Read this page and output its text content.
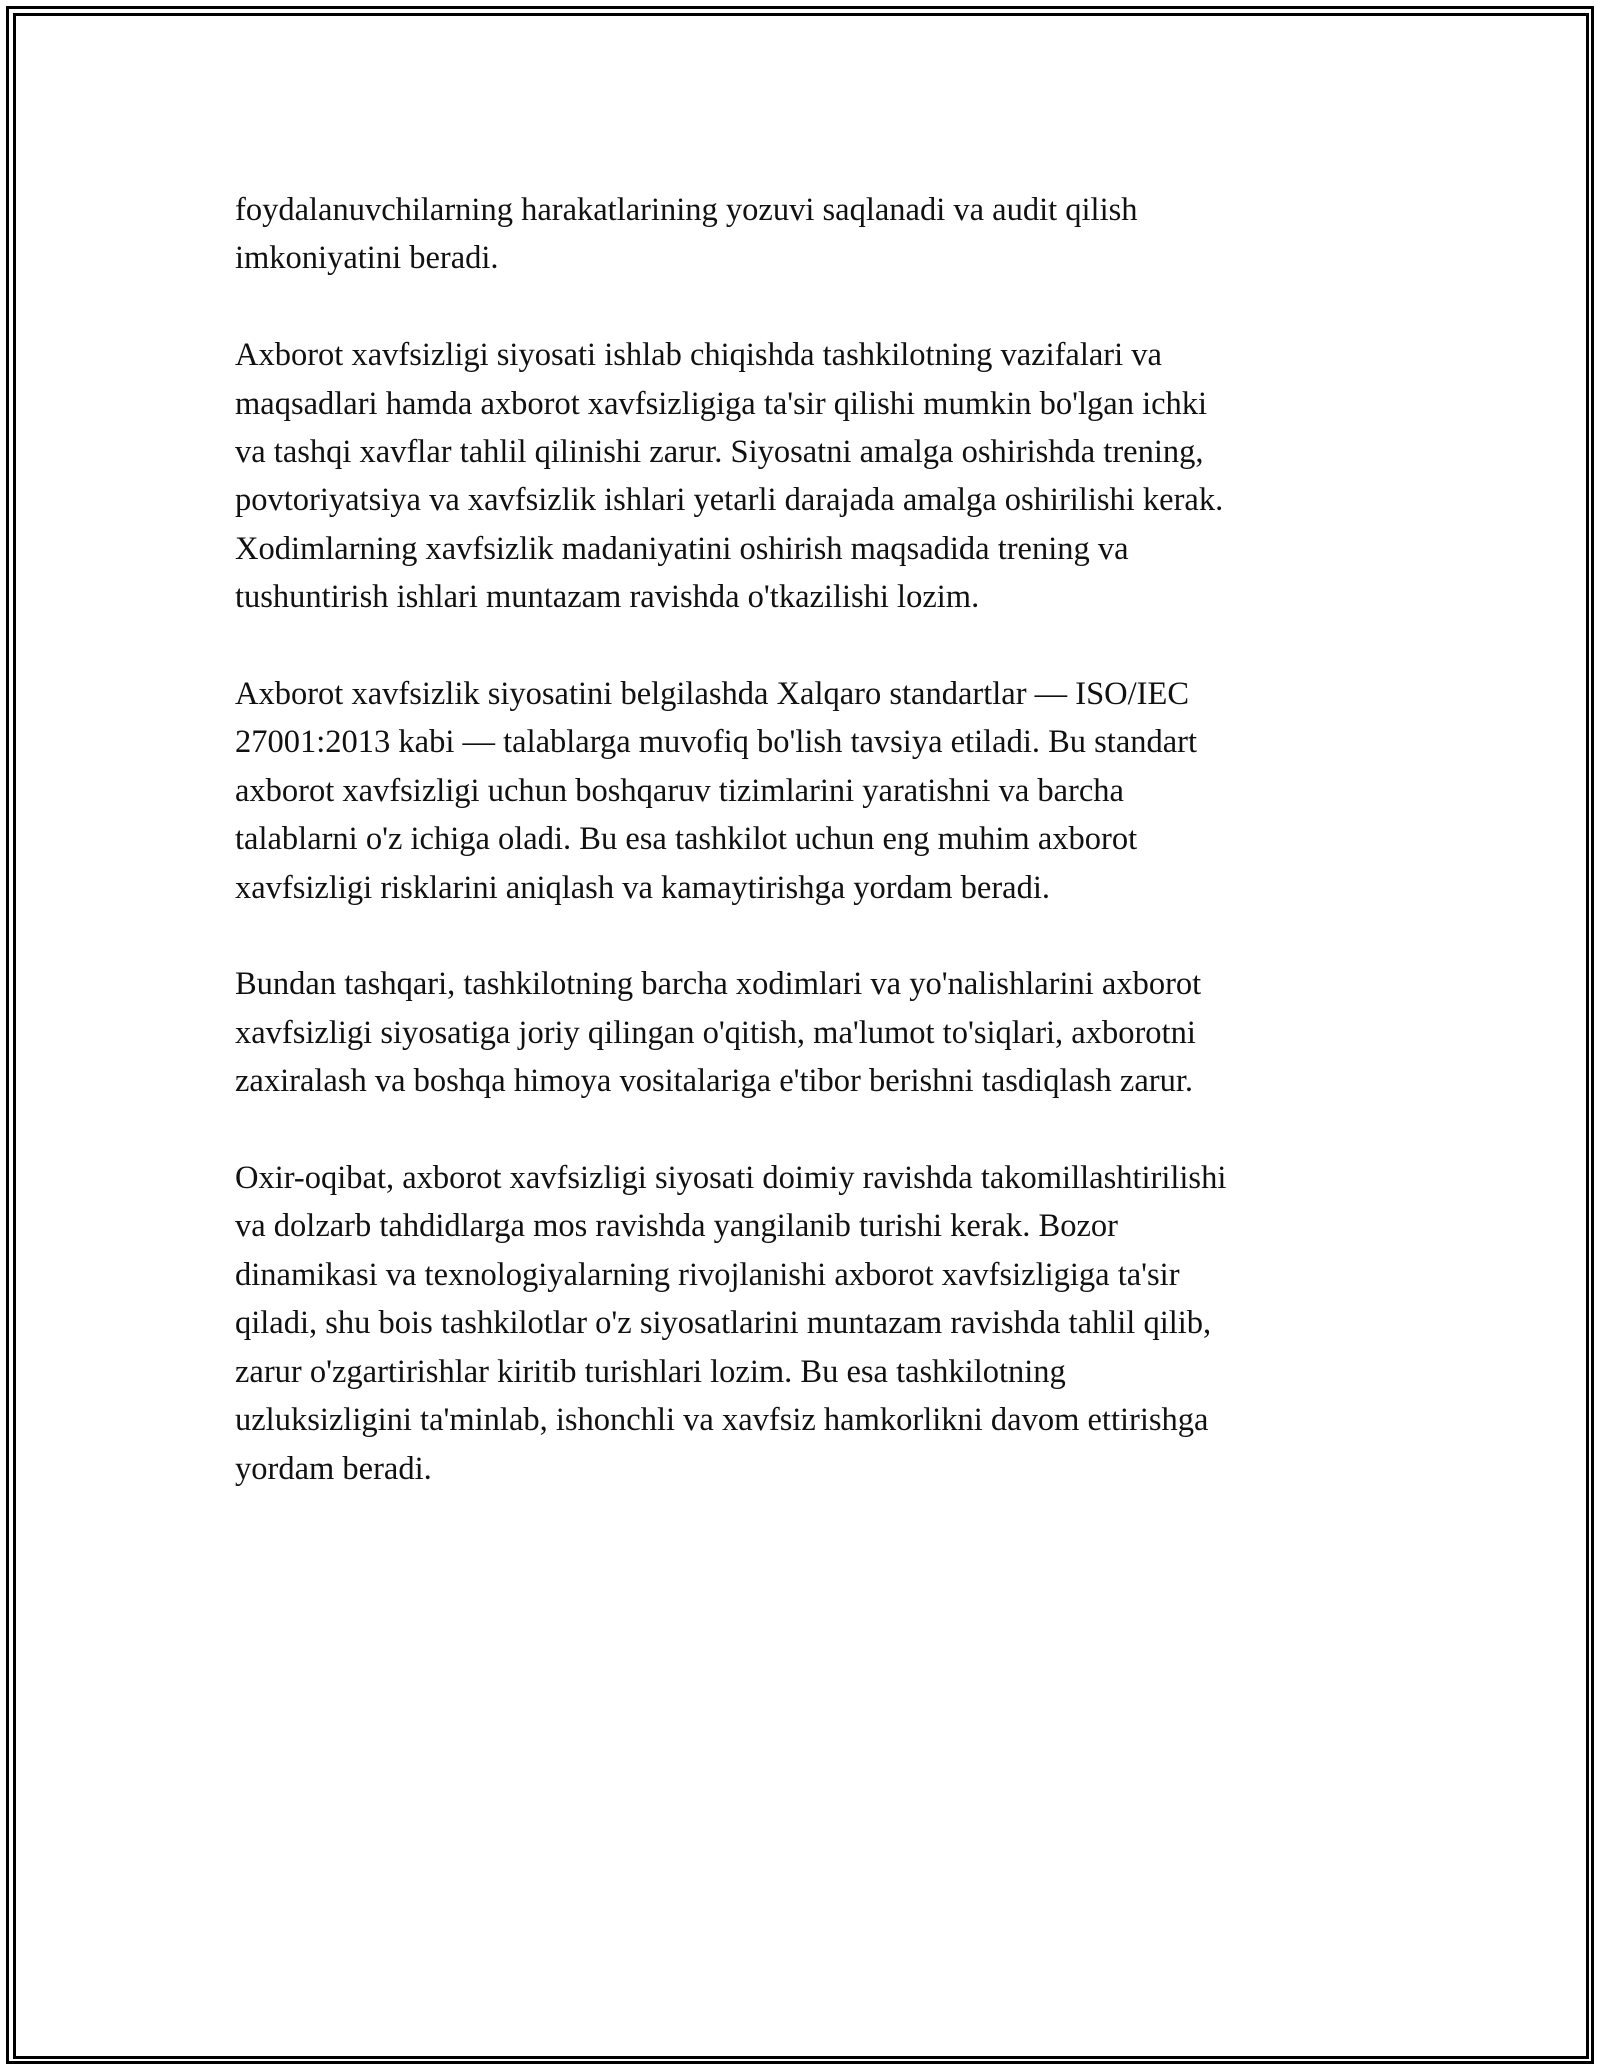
foydalanuvchilarning harakatlarining yozuvi saqlanadi va audit qilish
imkoniyatini beradi.

Axborot xavfsizligi siyosati ishlab chiqishda tashkilotning vazifalari va
maqsadlari hamda axborot xavfsizligiga ta'sir qilishi mumkin bo'lgan ichki
va tashqi xavflar tahlil qilinishi zarur. Siyosatni amalga oshirishda trening,
povtoriyatsiya va xavfsizlik ishlari yetarli darajada amalga oshirilishi kerak.
Xodimlarning xavfsizlik madaniyatini oshirish maqsadida trening va
tushuntirish ishlari muntazam ravishda o'tkazilishi lozim.

Axborot xavfsizlik siyosatini belgilashda Xalqaro standartlar — ISO/IEC
27001:2013 kabi — talablarga muvofiq bo'lish tavsiya etiladi. Bu standart
axborot xavfsizligi uchun boshqaruv tizimlarini yaratishni va barcha
talablarni o'z ichiga oladi. Bu esa tashkilot uchun eng muhim axborot
xavfsizligi risklarini aniqlash va kamaytirishga yordam beradi.

Bundan tashqari, tashkilotning barcha xodimlari va yo'nalishlarini axborot
xavfsizligi siyosatiga joriy qilingan o'qitish, ma'lumot to'siqlari, axborotni
zaxiralash va boshqa himoya vositalariga e'tibor berishni tasdiqlash zarur.

Oxir-oqibat, axborot xavfsizligi siyosati doimiy ravishda takomillashtirilishi
va dolzarb tahdidlarga mos ravishda yangilanib turishi kerak. Bozor
dinamikasi va texnologiyalarning rivojlanishi axborot xavfsizligiga ta'sir
qiladi, shu bois tashkilotlar o'z siyosatlarini muntazam ravishda tahlil qilib,
zarur o'zgartirishlar kiritib turishlari lozim. Bu esa tashkilotning
uzluksizligini ta'minlab, ishonchli va xavfsiz hamkorlikni davom ettirishga
yordam beradi.
